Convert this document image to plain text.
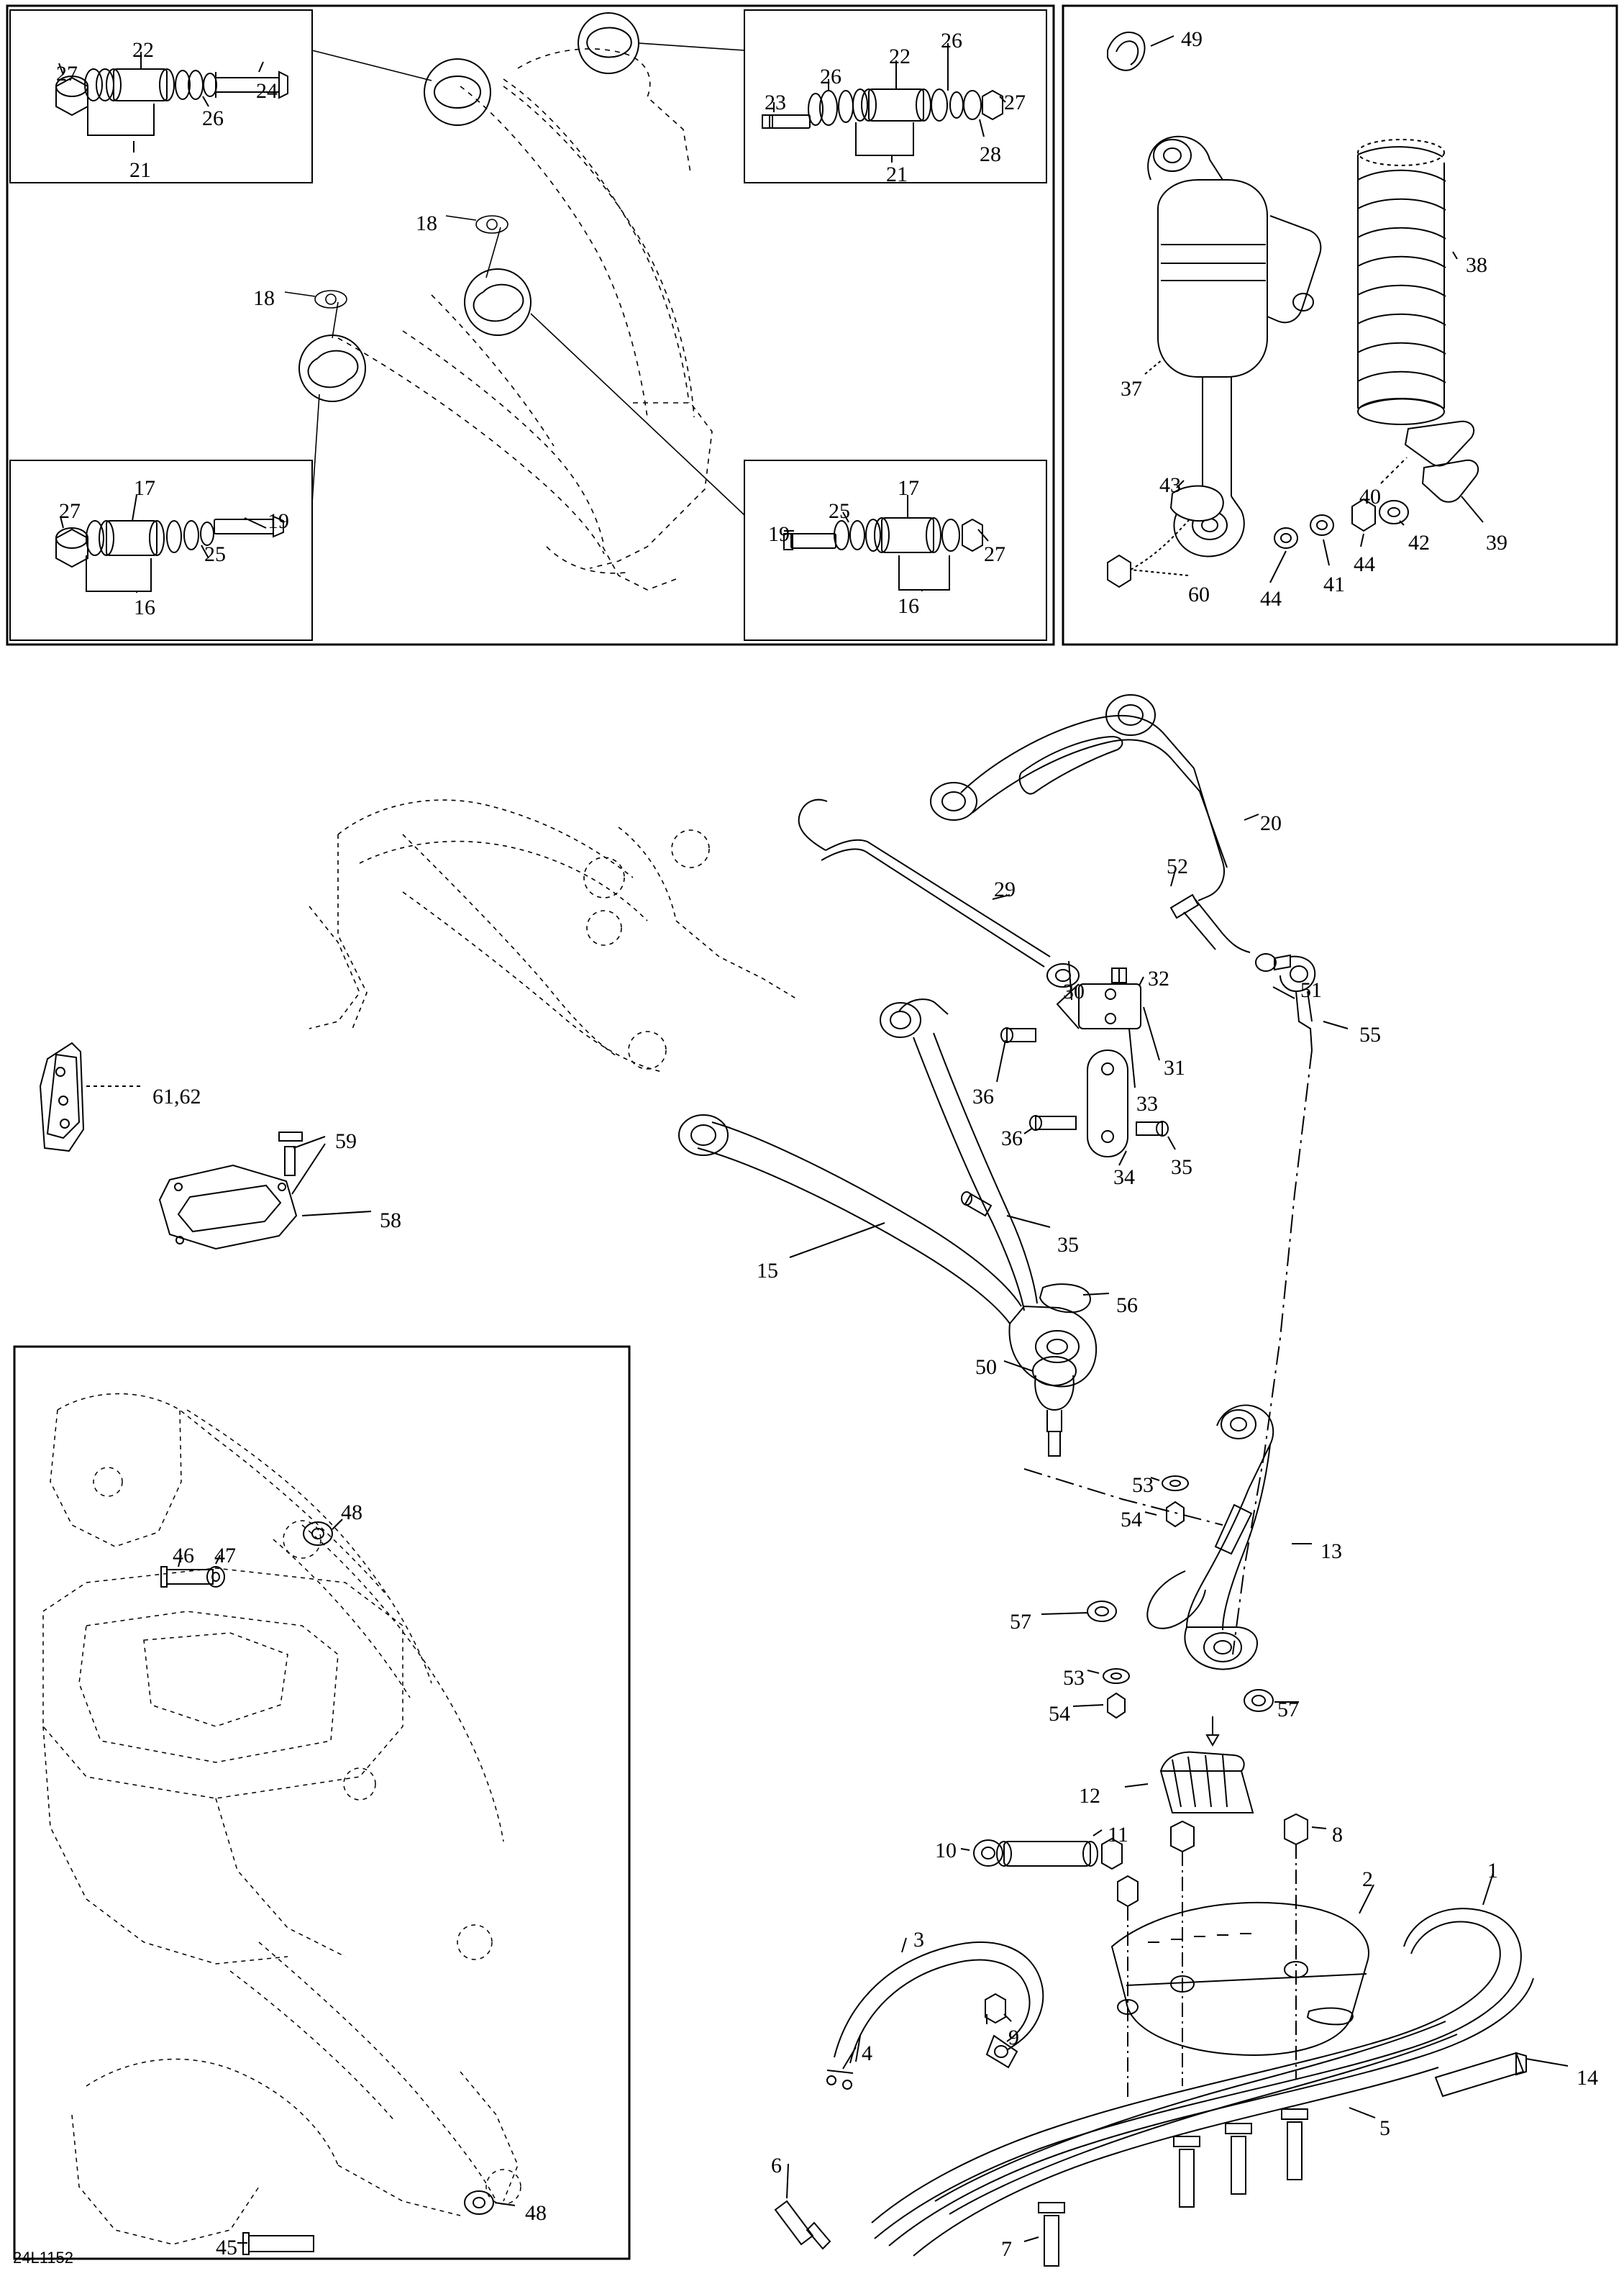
27
22
26
24
21
23
26
22
26
27
28
21
18
18
27
17
19
25
16
19
25
17
27
16
49
38
37
40
43
39
42
44
41
44
60
20
52
51
55
29
30
32
31
33
36
36
34 35
15
35
56
50
53
54
13
57
53
54	57
12
10
11	8
2	1
3
9
4
14
5
6
7
61,62
59
58
48
46 47
48
45
24L1152
